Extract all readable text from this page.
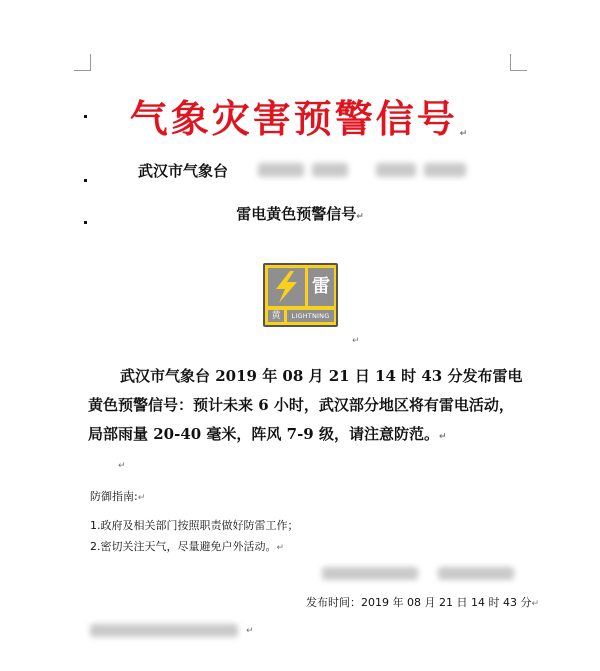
气象灾害预警信号 ↵
武汉市气象台
雷电黄色预警信号↵
雷
黄	LIGHTNING
↵
武汉市气象台 2019 年 08 月 21 日 14 时 43 分发布雷电黄色预警信号：预计未来 6 小时，武汉部分地区将有雷电活动，局部雨量 20-40 毫米，阵风 7-9 级，请注意防范。↵
↵
防御指南:↵
1.政府及相关部门按照职责做好防雷工作；
2.密切关注天气，尽量避免户外活动。↵
发布时间：2019 年 08 月 21 日 14 时 43 分↵
↵
